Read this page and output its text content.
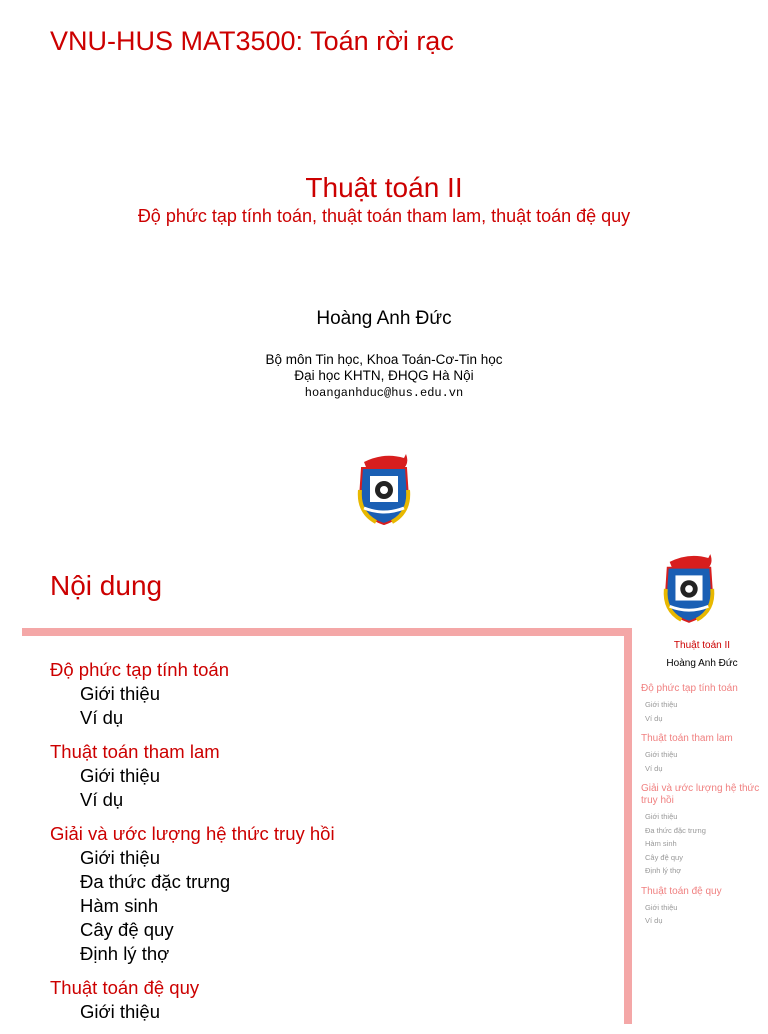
VNU-HUS MAT3500: Toán rời rạc
Thuật toán II
Độ phức tạp tính toán, thuật toán tham lam, thuật toán đệ quy
Hoàng Anh Đức
Bộ môn Tin học, Khoa Toán-Cơ-Tin học
Đại học KHTN, ĐHQG Hà Nội
hoanganhduc@hus.edu.vn
Nội dung
Độ phức tạp tính toán
Giới thiệu
Ví dụ
Thuật toán tham lam
Giới thiệu
Ví dụ
Giải và ước lượng hệ thức truy hồi
Giới thiệu
Đa thức đặc trưng
Hàm sinh
Cây đệ quy
Định lý thợ
Thuật toán đệ quy
Giới thiệu
Thuật toán II
Hoàng Anh Đức
Độ phức tạp tính toán
Giới thiệu
Ví dụ
Thuật toán tham lam
Giới thiệu
Ví dụ
Giải và ước lượng hệ thức truy hồi
Giới thiệu
Đa thức đặc trưng
Hàm sinh
Cây đệ quy
Định lý thợ
Thuật toán đệ quy
Giới thiệu
Ví dụ
